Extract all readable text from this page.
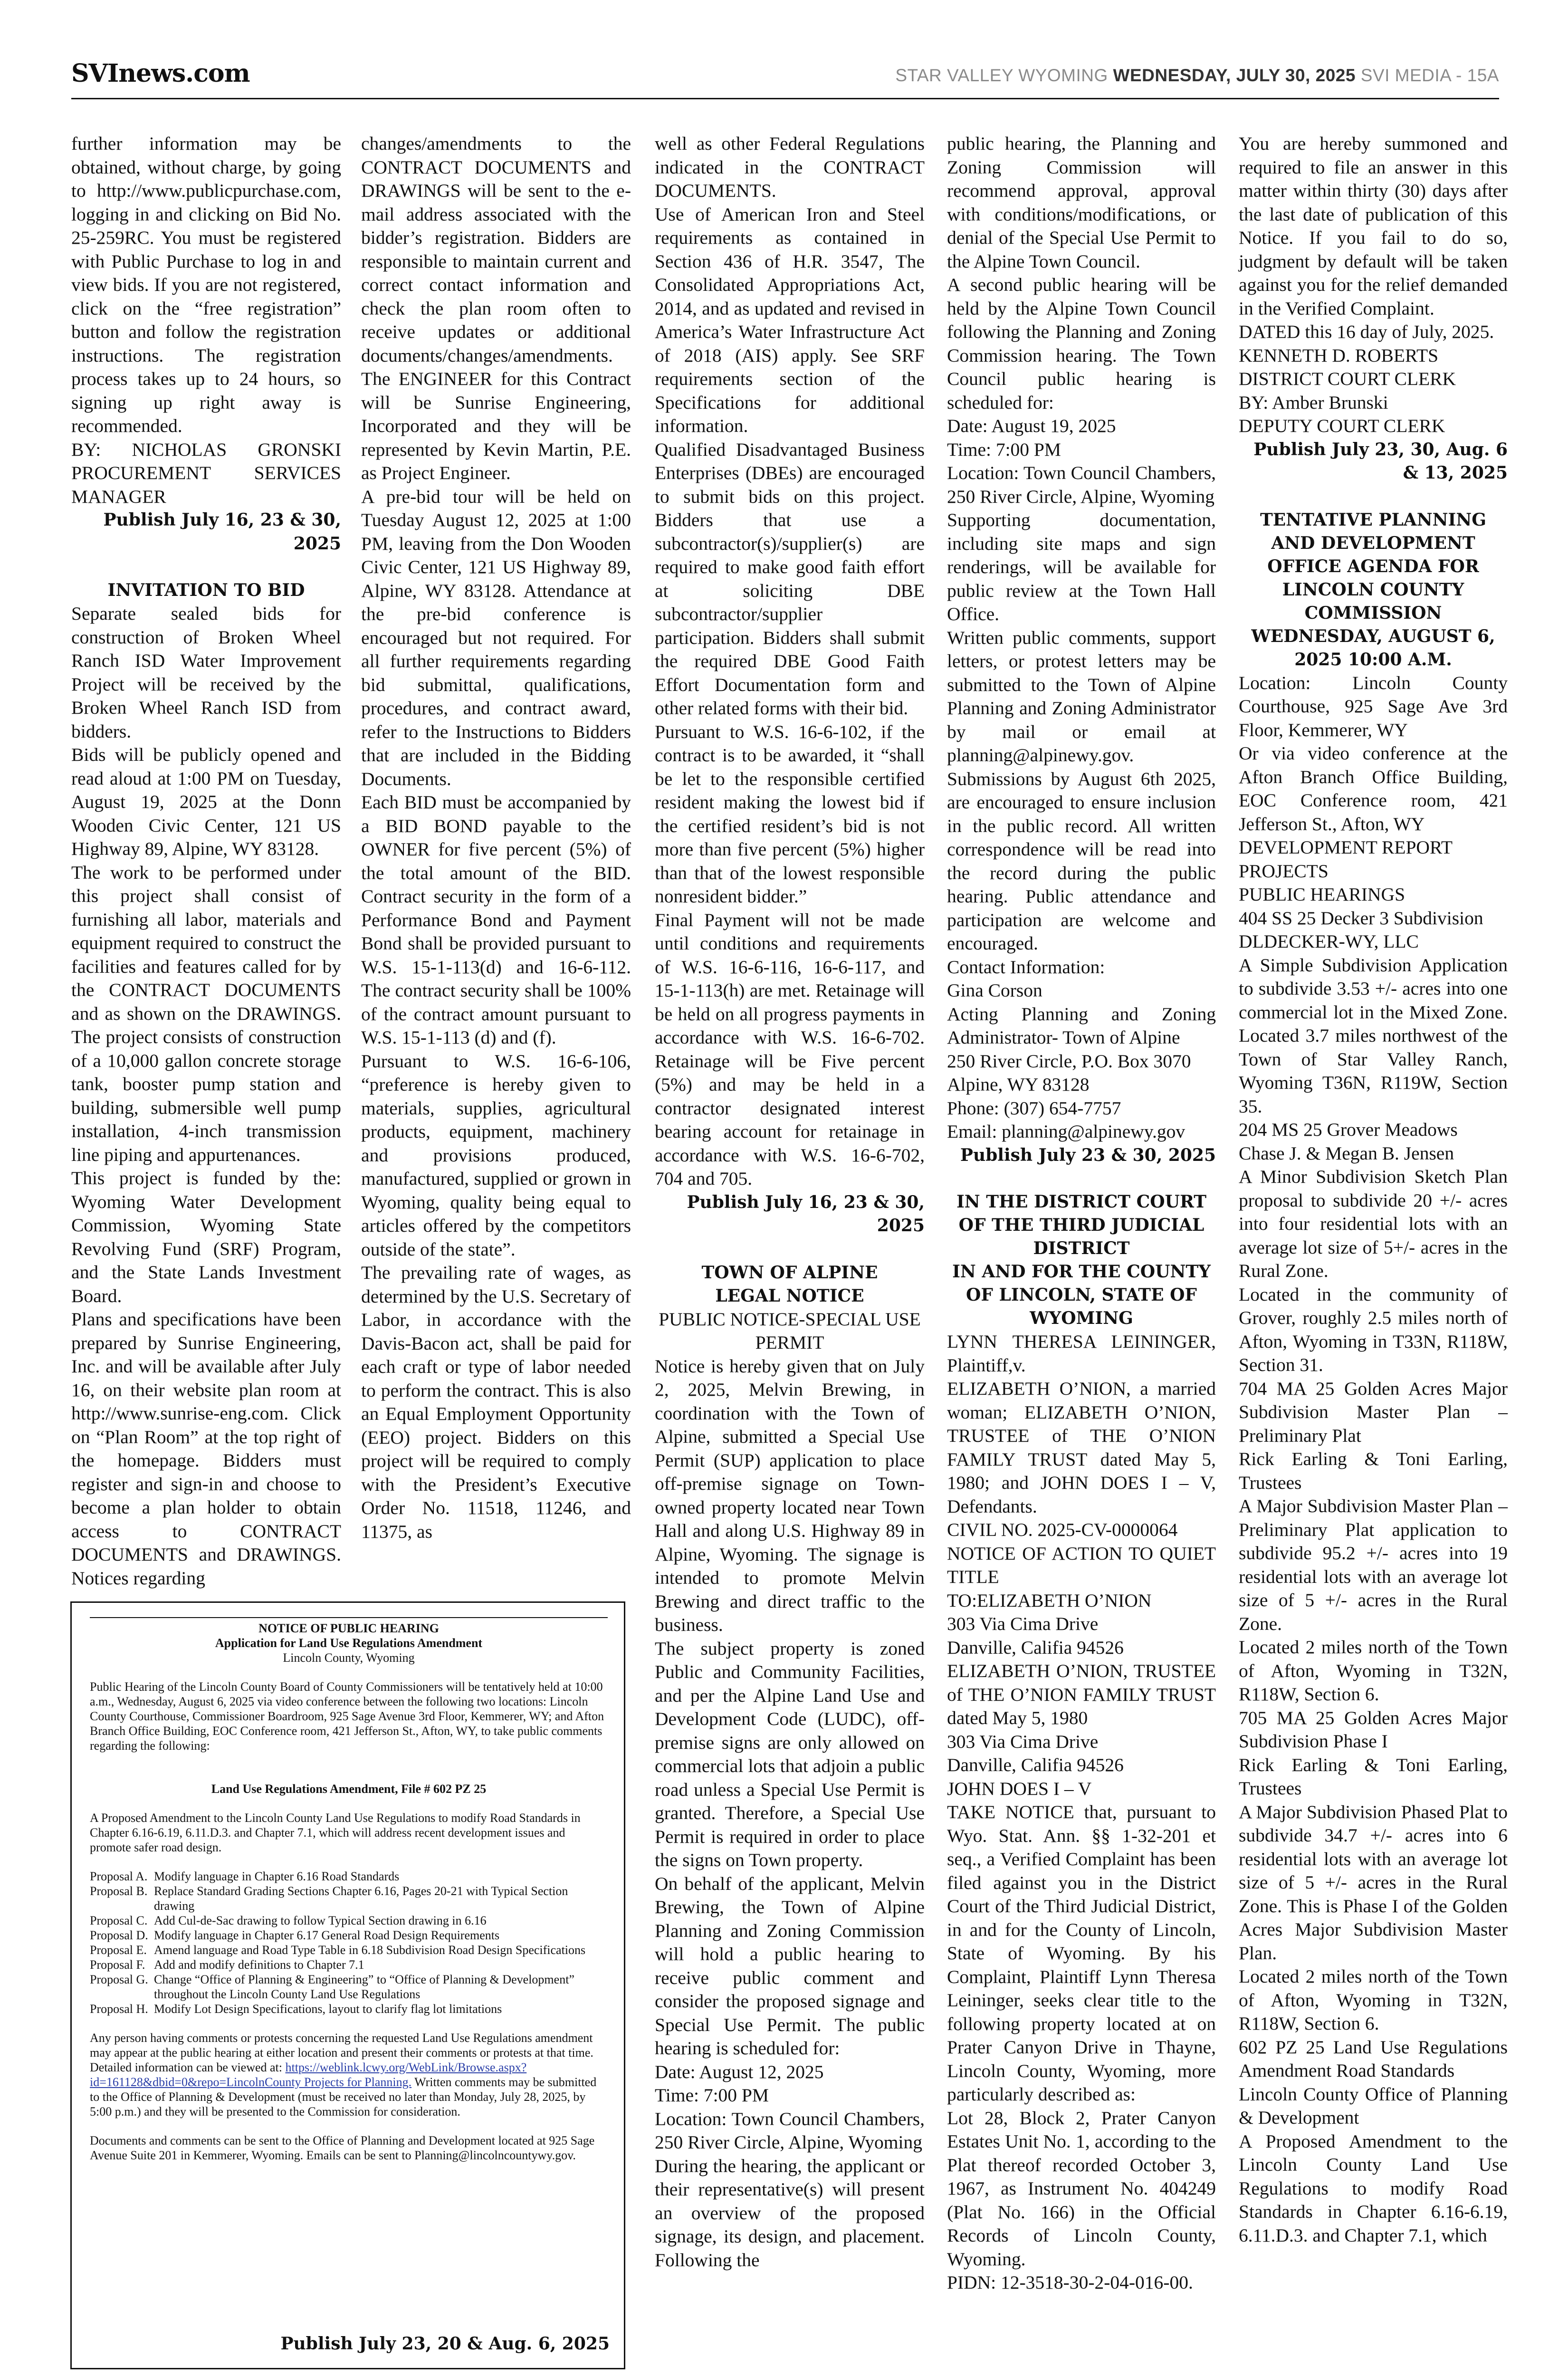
SVInews.com	STAR VALLEY WYOMING WEDNESDAY, JULY 30, 2025 SVI MEDIA - 15A

further information may be obtained, without charge, by going to http://www.publicpurchase.com, logging in and clicking on Bid No. 25-259RC. You must be registered with Public Purchase to log in and view bids. If you are not registered, click on the “free registration” button and follow the registration instructions. The registration process takes up to 24 hours, so signing up right away is recommended.

BY: NICHOLAS GRONSKI PROCUREMENT SERVICES MANAGER

Publish July 16, 23 & 30, 2025

INVITATION TO BID

Separate sealed bids for construction of Broken Wheel Ranch ISD Water Improvement Project will be received by the Broken Wheel Ranch ISD from bidders.

Bids will be publicly opened and read aloud at 1:00 PM on Tuesday, August 19, 2025 at the Donn Wooden Civic Center, 121 US Highway 89, Alpine, WY 83128.

The work to be performed under this project shall consist of furnishing all labor, materials and equipment required to construct the facilities and features called for by the CONTRACT DOCUMENTS and as shown on the DRAWINGS. The project consists of construction of a 10,000 gallon concrete storage tank, booster pump station and building, submersible well pump installation, 4-inch transmission line piping and appurtenances.

This project is funded by the: Wyoming Water Development Commission, Wyoming State Revolving Fund (SRF) Program, and the State Lands Investment Board.

Plans and specifications have been prepared by Sunrise Engineering, Inc. and will be available after July 16, on their website plan room at http://www.sunrise-eng.com. Click on “Plan Room” at the top right of the homepage. Bidders must register and sign-in and choose to become a plan holder to obtain access to CONTRACT DOCUMENTS and DRAWINGS. Notices regarding

changes/amendments to the CONTRACT DOCUMENTS and DRAWINGS will be sent to the e-mail address associated with the bidder’s registration. Bidders are responsible to maintain current and correct contact information and check the plan room often to receive updates or additional documents/changes/amendments. The ENGINEER for this Contract will be Sunrise Engineering, Incorporated and they will be represented by Kevin Martin, P.E. as Project Engineer.

A pre-bid tour will be held on Tuesday August 12, 2025 at 1:00 PM, leaving from the Don Wooden Civic Center, 121 US Highway 89, Alpine, WY 83128. Attendance at the pre-bid conference is encouraged but not required. For all further requirements regarding bid submittal, qualifications, procedures, and contract award, refer to the Instructions to Bidders that are included in the Bidding Documents.

Each BID must be accompanied by a BID BOND payable to the OWNER for five percent (5%) of the total amount of the BID. Contract security in the form of a Performance Bond and Payment Bond shall be provided pursuant to W.S. 15-1-113(d) and 16-6-112. The contract security shall be 100% of the contract amount pursuant to W.S. 15-1-113 (d) and (f).

Pursuant to W.S. 16-6-106, “preference is hereby given to materials, supplies, agricultural products, equipment, machinery and provisions produced, manufactured, supplied or grown in Wyoming, quality being equal to articles offered by the competitors outside of the state”.

The prevailing rate of wages, as determined by the U.S. Secretary of Labor, in accordance with the Davis-Bacon act, shall be paid for each craft or type of labor needed to perform the contract. This is also an Equal Employment Opportunity (EEO) project. Bidders on this project will be required to comply with the President’s Executive Order No. 11518, 11246, and 11375, as

well as other Federal Regulations indicated in the CONTRACT DOCUMENTS.

Use of American Iron and Steel requirements as contained in Section 436 of H.R. 3547, The Consolidated Appropriations Act, 2014, and as updated and revised in America’s Water Infrastructure Act of 2018 (AIS) apply. See SRF requirements section of the Specifications for additional information.

Qualified Disadvantaged Business Enterprises (DBEs) are encouraged to submit bids on this project. Bidders that use a subcontractor(s)/supplier(s) are required to make good faith effort at soliciting DBE subcontractor/supplier participation. Bidders shall submit the required DBE Good Faith Effort Documentation form and other related forms with their bid.

Pursuant to W.S. 16-6-102, if the contract is to be awarded, it “shall be let to the responsible certified resident making the lowest bid if the certified resident’s bid is not more than five percent (5%) higher than that of the lowest responsible nonresident bidder.”

Final Payment will not be made until conditions and requirements of W.S. 16-6-116, 16-6-117, and 15-1-113(h) are met. Retainage will be held on all progress payments in accordance with W.S. 16-6-702. Retainage will be Five percent (5%) and may be held in a contractor designated interest bearing account for retainage in accordance with W.S. 16-6-702, 704 and 705.

Publish July 16, 23 & 30, 2025

TOWN OF ALPINE

LEGAL NOTICE

PUBLIC NOTICE-SPECIAL USE PERMIT

Notice is hereby given that on July 2, 2025, Melvin Brewing, in coordination with the Town of Alpine, submitted a Special Use Permit (SUP) application to place off-premise signage on Town-owned property located near Town Hall and along U.S. Highway 89 in Alpine, Wyoming. The signage is intended to promote Melvin Brewing and direct traffic to the business.

The subject property is zoned Public and Community Facilities, and per the Alpine Land Use and Development Code (LUDC), off-premise signs are only allowed on commercial lots that adjoin a public road unless a Special Use Permit is granted. Therefore, a Special Use Permit is required in order to place the signs on Town property.

On behalf of the applicant, Melvin Brewing, the Town of Alpine Planning and Zoning Commission will hold a public hearing to receive public comment and consider the proposed signage and Special Use Permit. The public hearing is scheduled for:

Date: August 12, 2025

Time: 7:00 PM

Location: Town Council Chambers, 250 River Circle, Alpine, Wyoming

During the hearing, the applicant or their representative(s) will present an overview of the proposed signage, its design, and placement. Following the

public hearing, the Planning and Zoning Commission will recommend approval, approval with conditions/modifications, or denial of the Special Use Permit to the Alpine Town Council.

A second public hearing will be held by the Alpine Town Council following the Planning and Zoning Commission hearing. The Town Council public hearing is scheduled for:

Date: August 19, 2025

Time: 7:00 PM

Location: Town Council Chambers, 250 River Circle, Alpine, Wyoming

Supporting documentation, including site maps and sign renderings, will be available for public review at the Town Hall Office.

Written public comments, support letters, or protest letters may be submitted to the Town of Alpine Planning and Zoning Administrator by mail or email at planning@alpinewy.gov. Submissions by August 6th 2025, are encouraged to ensure inclusion in the public record. All written correspondence will be read into the record during the public hearing. Public attendance and participation are welcome and encouraged.

Contact Information:

Gina Corson

Acting Planning and Zoning Administrator- Town of Alpine

250 River Circle, P.O. Box 3070

Alpine, WY 83128

Phone: (307) 654-7757

Email: planning@alpinewy.gov

Publish July 23 & 30, 2025

IN THE DISTRICT COURT OF THE THIRD JUDICIAL DISTRICT

IN AND FOR THE COUNTY OF LINCOLN, STATE OF WYOMING

LYNN THERESA LEININGER, Plaintiff,v.

ELIZABETH O’NION, a married woman; ELIZABETH O’NION, TRUSTEE of THE O’NION FAMILY TRUST dated May 5, 1980; and JOHN DOES I – V, Defendants.

CIVIL NO. 2025-CV-0000064

NOTICE OF ACTION TO QUIET TITLE

TO:ELIZABETH O’NION

303 Via Cima Drive

Danville, Califia 94526

ELIZABETH O’NION, TRUSTEE of THE O’NION FAMILY TRUST dated May 5, 1980

303 Via Cima Drive

Danville, Califia 94526

JOHN DOES I – V

TAKE NOTICE that, pursuant to Wyo. Stat. Ann. §§ 1-32-201 et seq., a Verified Complaint has been filed against you in the District Court of the Third Judicial District, in and for the County of Lincoln, State of Wyoming. By his Complaint, Plaintiff Lynn Theresa Leininger, seeks clear title to the following property located at on Prater Canyon Drive in Thayne, Lincoln County, Wyoming, more particularly described as:

Lot 28, Block 2, Prater Canyon Estates Unit No. 1, according to the Plat thereof recorded October 3, 1967, as Instrument No. 404249 (Plat No. 166) in the Official Records of Lincoln County, Wyoming.

PIDN: 12-3518-30-2-04-016-00.

You are hereby summoned and required to file an answer in this matter within thirty (30) days after the last date of publication of this Notice. If you fail to do so, judgment by default will be taken against you for the relief demanded in the Verified Complaint.

DATED this 16 day of July, 2025.

KENNETH D. ROBERTS

DISTRICT COURT CLERK

BY: Amber Brunski

DEPUTY COURT CLERK

Publish July 23, 30, Aug. 6 & 13, 2025

TENTATIVE PLANNING AND DEVELOPMENT OFFICE AGENDA FOR LINCOLN COUNTY COMMISSION WEDNESDAY, AUGUST 6, 2025 10:00 A.M.

Location: Lincoln County Courthouse, 925 Sage Ave 3rd Floor, Kemmerer, WY

Or via video conference at the Afton Branch Office Building, EOC Conference room, 421 Jefferson St., Afton, WY

DEVELOPMENT REPORT

PROJECTS

PUBLIC HEARINGS

404 SS 25 Decker 3 Subdivision

DLDECKER-WY, LLC

A Simple Subdivision Application to subdivide 3.53 +/- acres into one commercial lot in the Mixed Zone. Located 3.7 miles northwest of the Town of Star Valley Ranch, Wyoming T36N, R119W, Section 35.

204 MS 25 Grover Meadows

Chase J. & Megan B. Jensen

A Minor Subdivision Sketch Plan proposal to subdivide 20 +/- acres into four residential lots with an average lot size of 5+/- acres in the Rural Zone.

Located in the community of Grover, roughly 2.5 miles north of Afton, Wyoming in T33N, R118W, Section 31.

704 MA 25 Golden Acres Major Subdivision Master Plan – Preliminary Plat

Rick Earling & Toni Earling, Trustees

A Major Subdivision Master Plan – Preliminary Plat application to subdivide 95.2 +/- acres into 19 residential lots with an average lot size of 5 +/- acres in the Rural Zone.

Located 2 miles north of the Town of Afton, Wyoming in T32N, R118W, Section 6.

705 MA 25 Golden Acres Major Subdivision Phase I

Rick Earling & Toni Earling, Trustees

A Major Subdivision Phased Plat to subdivide 34.7 +/- acres into 6 residential lots with an average lot size of 5 +/- acres in the Rural Zone. This is Phase I of the Golden Acres Major Subdivision Master Plan.

Located 2 miles north of the Town of Afton, Wyoming in T32N, R118W, Section 6.

602 PZ 25 Land Use Regulations Amendment Road Standards

Lincoln County Office of Planning & Development

A Proposed Amendment to the Lincoln County Land Use Regulations to modify Road Standards in Chapter 6.16-6.19, 6.11.D.3. and Chapter 7.1, which

NOTICE OF PUBLIC HEARING

Application for Land Use Regulations Amendment

Lincoln County, Wyoming

Public Hearing of the Lincoln County Board of County Commissioners will be tentatively held at 10:00 a.m., Wednesday, August 6, 2025 via video conference between the following two locations: Lincoln County Courthouse, Commissioner Boardroom, 925 Sage Avenue 3rd Floor, Kemmerer, WY; and Afton Branch Office Building, EOC Conference room, 421 Jefferson St., Afton, WY, to take public comments regarding the following:

Land Use Regulations Amendment, File # 602 PZ 25

A Proposed Amendment to the Lincoln County Land Use Regulations to modify Road Standards in Chapter 6.16-6.19, 6.11.D.3. and Chapter 7.1, which will address recent development issues and promote safer road design.

Proposal A. Modify language in Chapter 6.16 Road Standards
Proposal B. Replace Standard Grading Sections Chapter 6.16, Pages 20-21 with Typical Section drawing
Proposal C. Add Cul-de-Sac drawing to follow Typical Section drawing in 6.16
Proposal D. Modify language in Chapter 6.17 General Road Design Requirements
Proposal E. Amend language and Road Type Table in 6.18 Subdivision Road Design Specifications
Proposal F. Add and modify definitions to Chapter 7.1
Proposal G. Change “Office of Planning & Engineering” to “Office of Planning & Development” throughout the Lincoln County Land Use Regulations
Proposal H. Modify Lot Design Specifications, layout to clarify flag lot limitations

Any person having comments or protests concerning the requested Land Use Regulations amendment may appear at the public hearing at either location and present their comments or protests at that time. Detailed information can be viewed at: https://weblink.lcwy.org/WebLink/Browse.aspx?id=161128&dbid=0&repo=LincolnCounty Projects for Planning. Written comments may be submitted to the Office of Planning & Development (must be received no later than Monday, July 28, 2025, by 5:00 p.m.) and they will be presented to the Commission for consideration.

Documents and comments can be sent to the Office of Planning and Development located at 925 Sage Avenue Suite 201 in Kemmerer, Wyoming. Emails can be sent to Planning@lincolncountywy.gov.

Publish July 23, 20 & Aug. 6, 2025
